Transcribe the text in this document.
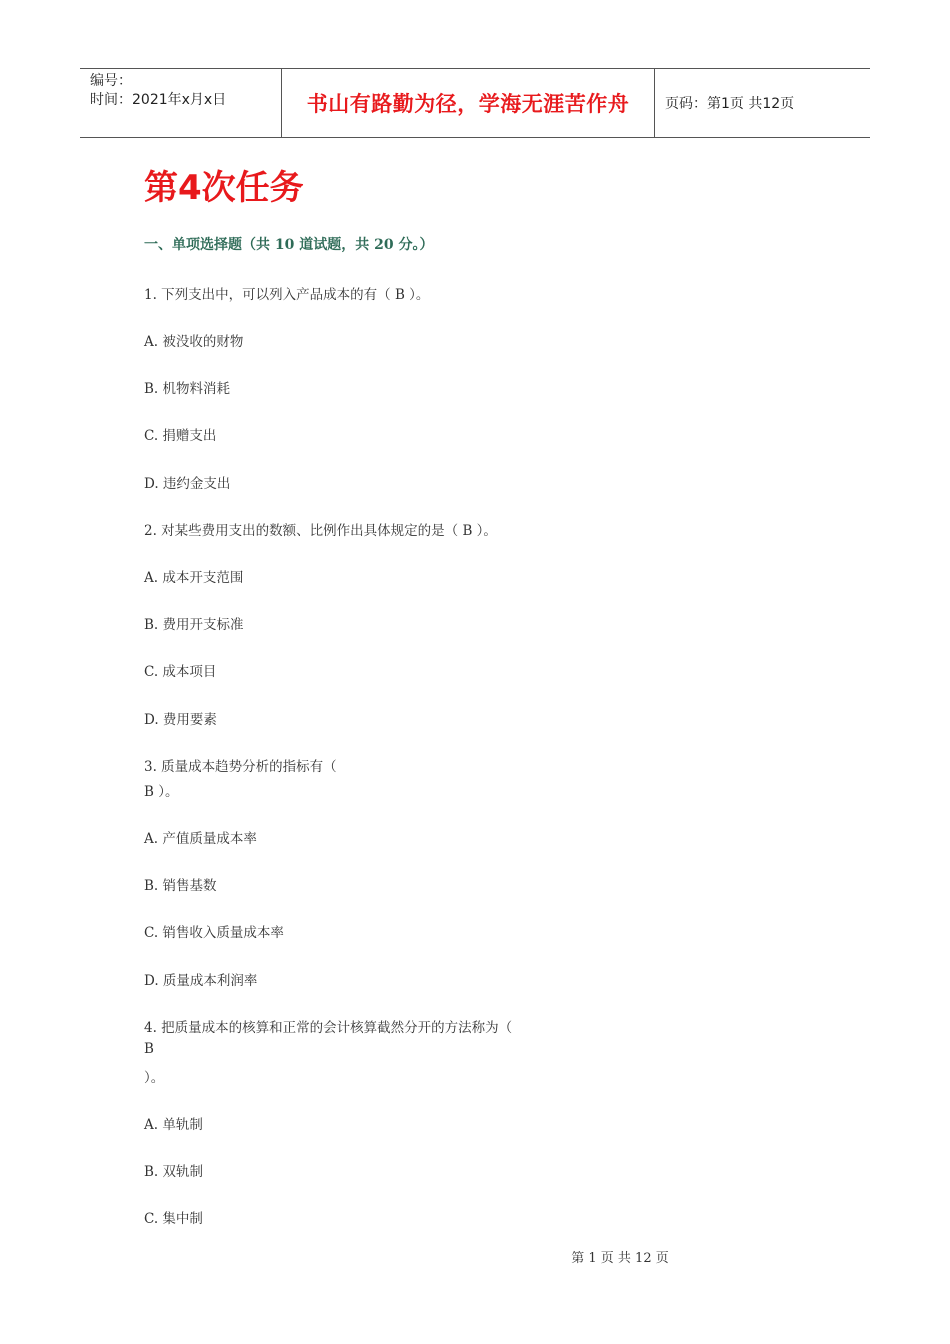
编号：
时间：2021年x月x日	书山有路勤为径，学海无涯苦作舟	页码：第1页 共12页
第4次任务
一、单项选择题（共 10 道试题，共 20 分。）
1. 下列支出中，可以列入产品成本的有（ B ）。
A. 被没收的财物
B. 机物料消耗
C. 捐赠支出
D. 违约金支出
2. 对某些费用支出的数额、比例作出具体规定的是（ B ）。
A. 成本开支范围
B. 费用开支标准
C. 成本项目
D. 费用要素
3. 质量成本趋势分析的指标有（
B ）。
A. 产值质量成本率
B. 销售基数
C. 销售收入质量成本率
D. 质量成本利润率
4. 把质量成本的核算和正常的会计核算截然分开的方法称为（
B
）。
A. 单轨制
B. 双轨制
C. 集中制
第 1 页 共 12 页
